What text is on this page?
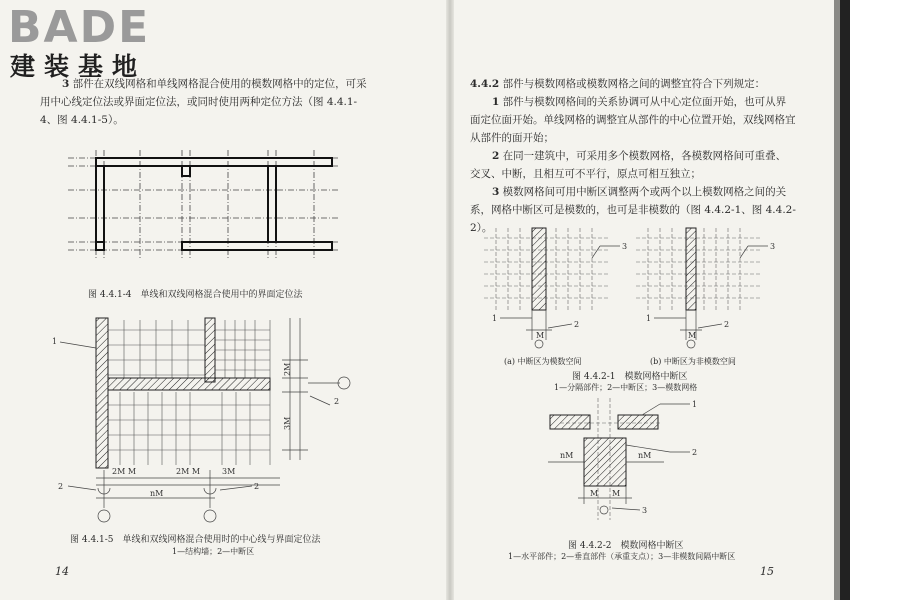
BADE
建装基地
3 部件在双线网格和单线网格混合使用的模数网格中的定位，可采用中心线定位法或界面定位法，或同时使用两种定位方法（图 4.4.1-4、图 4.4.1-5）。
图 4.4.1-4　单线和双线网格混合使用中的界面定位法
1
2
2	2
2M
3M
2M M	2M M	3M
nM
图 4.4.1-5　单线和双线网格混合使用时的中心线与界面定位法
1—结构墙；2—中断区
14
4.4.2 部件与模数网格或模数网格之间的调整宜符合下列规定：
1 部件与模数网格间的关系协调可从中心定位面开始，也可从界面定位面开始。单线网格的调整宜从部件的中心位置开始，双线网格宜从部件的面开始；
2 在同一建筑中，可采用多个模数网格，各模数网格间可重叠、交叉、中断，且相互可不平行，原点可相互独立；
3 模数网格间可用中断区调整两个或两个以上模数网格之间的关系，网格中断区可是模数的，也可是非模数的（图 4.4.2-1、图 4.4.2-2）。
1
2
3
M
1
2
3
M
(a) 中断区为模数空间	(b) 中断区为非模数空间
图 4.4.2-1　模数网格中断区
1—分隔部件；2—中断区；3—模数网格
1
2
3
nM	nM
M M
图 4.4.2-2　模数网格中断区
1—水平部件；2—垂直部件（承重支点）；3—非模数间隔中断区
15
